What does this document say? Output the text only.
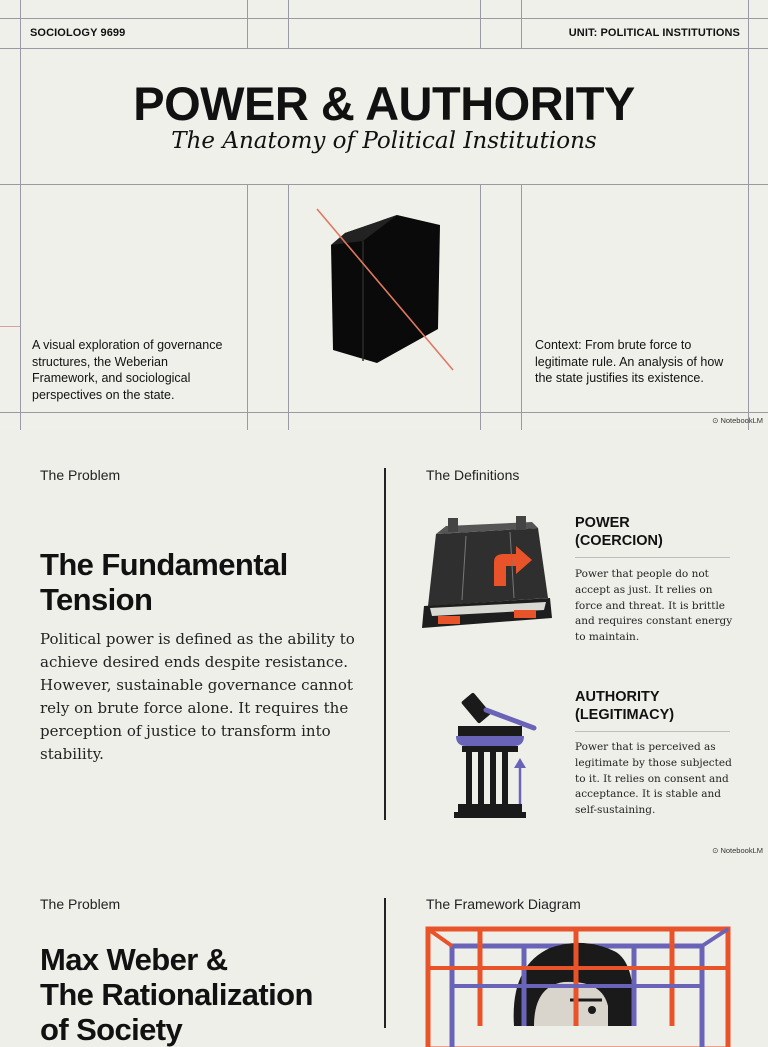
SOCIOLOGY 9699	UNIT: POLITICAL INSTITUTIONS
POWER & AUTHORITY
The Anatomy of Political Institutions
A visual exploration of governance structures, the Weberian Framework, and sociological perspectives on the state.
Context: From brute force to legitimate rule. An analysis of how the state justifies its existence.
⊙ NotebookLM
The Problem	The Definitions
The Fundamental
Tension
Political power is defined as the ability to achieve desired ends despite resistance. However, sustainable governance cannot rely on brute force alone. It requires the perception of justice to transform into stability.
POWER
(COERCION)
Power that people do not accept as just. It relies on force and threat. It is brittle and requires constant energy to maintain.
AUTHORITY
(LEGITIMACY)
Power that is perceived as legitimate by those subjected to it. It relies on consent and acceptance. It is stable and self-sustaining.
⊙ NotebookLM
The Problem	The Framework Diagram
Max Weber &
The Rationalization
of Society
